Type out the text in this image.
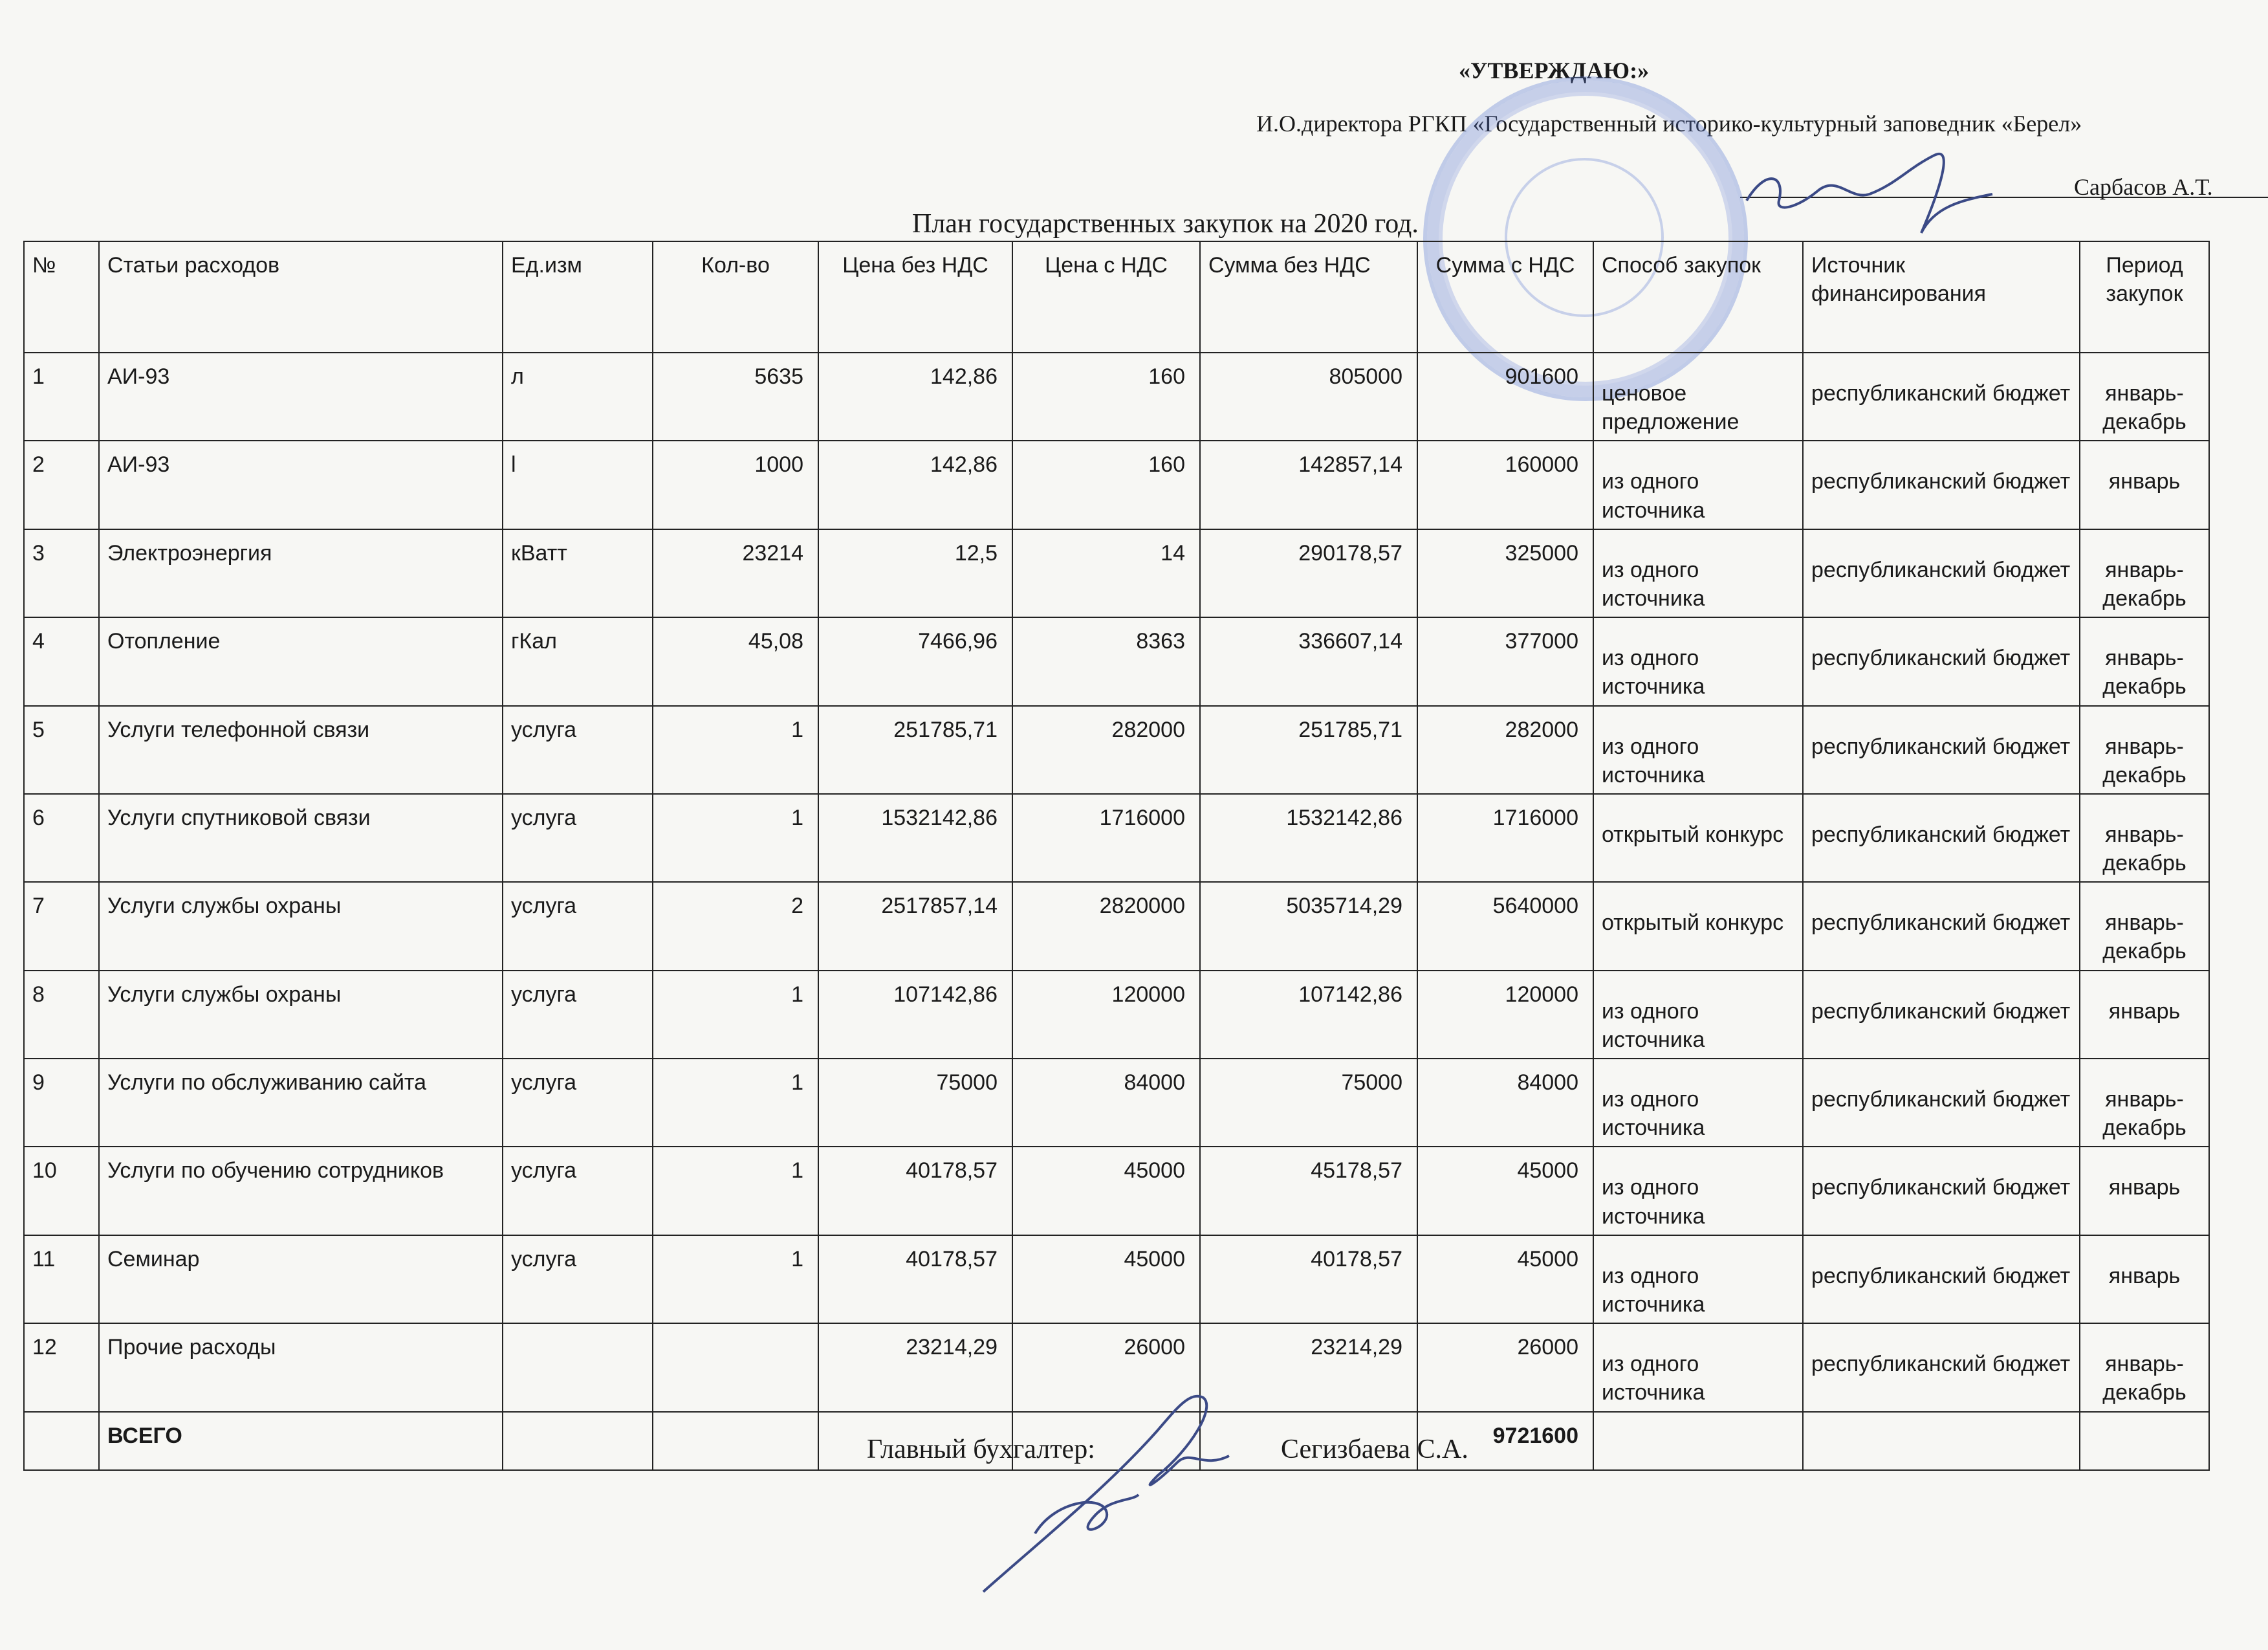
«УТВЕРЖДАЮ:»
И.О.директора РГКП «Государственный историко-культурный заповедник «Берел»
Сарбасов А.Т.
План государственных закупок на 2020 год.
№	Статьи расходов	Ед.изм	Кол-во	Цена без НДС	Цена с НДС	Сумма без НДС	Сумма с НДС	Способ закупок	Источник финансирования	Период закупок
1	АИ-93	л	5635	142,86	160	805000	901600	ценовое предложение	республиканский бюджет	январь-декабрь
2	АИ-93	l	1000	142,86	160	142857,14	160000	из одного источника	республиканский бюджет	январь
3	Электроэнергия	кВатт	23214	12,5	14	290178,57	325000	из одного источника	республиканский бюджет	январь-декабрь
4	Отопление	гКал	45,08	7466,96	8363	336607,14	377000	из одного источника	республиканский бюджет	январь-декабрь
5	Услуги телефонной связи	услуга	1	251785,71	282000	251785,71	282000	из одного источника	республиканский бюджет	январь-декабрь
6	Услуги спутниковой связи	услуга	1	1532142,86	1716000	1532142,86	1716000	открытый конкурс	республиканский бюджет	январь-декабрь
7	Услуги службы охраны	услуга	2	2517857,14	2820000	5035714,29	5640000	открытый конкурс	республиканский бюджет	январь-декабрь
8	Услуги службы охраны	услуга	1	107142,86	120000	107142,86	120000	из одного источника	республиканский бюджет	январь
9	Услуги по обслуживанию сайта	услуга	1	75000	84000	75000	84000	из одного источника	республиканский бюджет	январь-декабрь
10	Услуги по обучению сотрудников	услуга	1	40178,57	45000	45178,57	45000	из одного источника	республиканский бюджет	январь
11	Семинар	услуга	1	40178,57	45000	40178,57	45000	из одного источника	республиканский бюджет	январь
12	Прочие расходы			23214,29	26000	23214,29	26000	из одного источника	республиканский бюджет	январь-декабрь
	ВСЕГО						9721600			
Главный бухгалтер:	Сегизбаева С.А.
